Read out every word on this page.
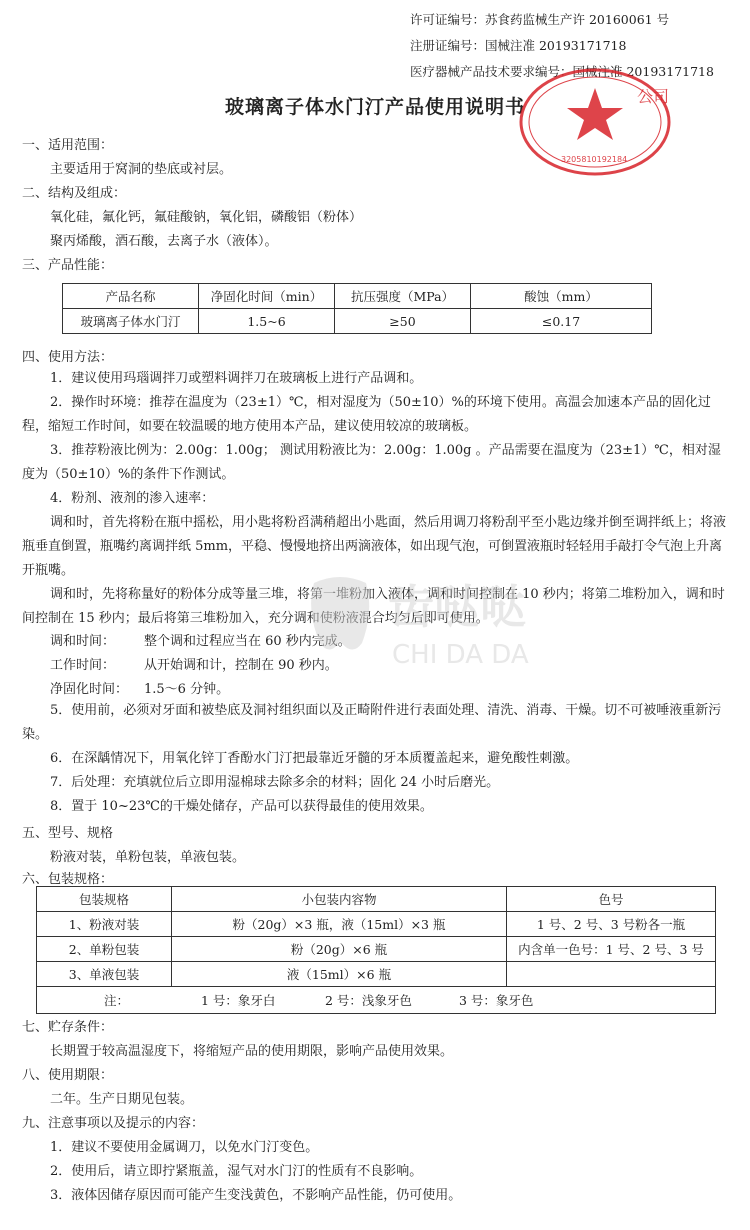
许可证编号：苏食药监械生产许 20160061 号
注册证编号：国械注准 20193171718
医疗器械产品技术要求编号：国械注准 20193171718
玻璃离子体水门汀产品使用说明书	公司
3205810192184
一、适用范围：
主要适用于窝洞的垫底或衬层。
二、结构及组成：
氧化硅，氟化钙，氟硅酸钠，氧化铝，磷酸铝（粉体）
聚丙烯酸，酒石酸，去离子水（液体）。
三、产品性能：
产品名称	净固化时间（min）	抗压强度（MPa）	酸蚀（mm）
玻璃离子体水门汀	1.5~6	≥50	≤0.17
四、使用方法：

1．建议使用玛瑙调拌刀或塑料调拌刀在玻璃板上进行产品调和。

2．操作时环境：推荐在温度为（23±1）℃，相对湿度为（50±10）%的环境下使用。高温会加速本产品的固化过程，缩短工作时间，如要在较温暖的地方使用本产品，建议使用较凉的玻璃板。

3．推荐粉液比例为：2.00g：1.00g； 测试用粉液比为：2.00g：1.00g 。产品需要在温度为（23±1）℃，相对湿度为（50±10）%的条件下作测试。

4．粉剂、液剂的渗入速率：

调和时，首先将粉在瓶中摇松，用小匙将粉舀满稍超出小匙面，然后用调刀将粉刮平至小匙边缘并倒至调拌纸上；将液瓶垂直倒置，瓶嘴约离调拌纸 5mm，平稳、慢慢地挤出两滴液体，如出现气泡，可倒置液瓶时轻轻用手敲打令气泡上升离开瓶嘴。

调和时，先将称量好的粉体分成等量三堆，将第一堆粉加入液体，调和时间控制在 10 秒内；将第二堆粉加入，调和时间控制在 15 秒内；最后将第三堆粉加入，充分调和使粉液混合均匀后即可使用。

调和时间： 整个调和过程应当在 60 秒内完成。
工作时间： 从开始调和计，控制在 90 秒内。
净固化时间： 1.5～6 分钟。

5．使用前，必须对牙面和被垫底及洞衬组织面以及正畸附件进行表面处理、清洗、消毒、干燥。切不可被唾液重新污染。

6．在深龋情况下，用氧化锌丁香酚水门汀把最靠近牙髓的牙本质覆盖起来，避免酸性刺激。

7．后处理：充填就位后立即用湿棉球去除多余的材料；固化 24 小时后磨光。

8．置于 10~23℃的干燥处储存，产品可以获得最佳的使用效果。

齿哒哒
CHI DA DA
五、型号、规格
粉液对装，单粉包装，单液包装。
六、包装规格：
包装规格	小包装内容物	色号
1、粉液对装	粉（20g）×3 瓶，液（15ml）×3 瓶	1 号、2 号、3 号粉各一瓶
2、单粉包装	粉（20g）×6 瓶	内含单一色号：1 号、2 号、3 号
3、单液包装	液（15ml）×6 瓶	
注： 1 号：象牙白 2 号：浅象牙色 3 号：象牙色		
七、贮存条件：
长期置于较高温湿度下，将缩短产品的使用期限，影响产品使用效果。
八、使用期限：
二年。生产日期见包装。
九、注意事项以及提示的内容：
1．建议不要使用金属调刀，以免水门汀变色。
2．使用后，请立即拧紧瓶盖，湿气对水门汀的性质有不良影响。
3．液体因储存原因而可能产生变浅黄色，不影响产品性能，仍可使用。
